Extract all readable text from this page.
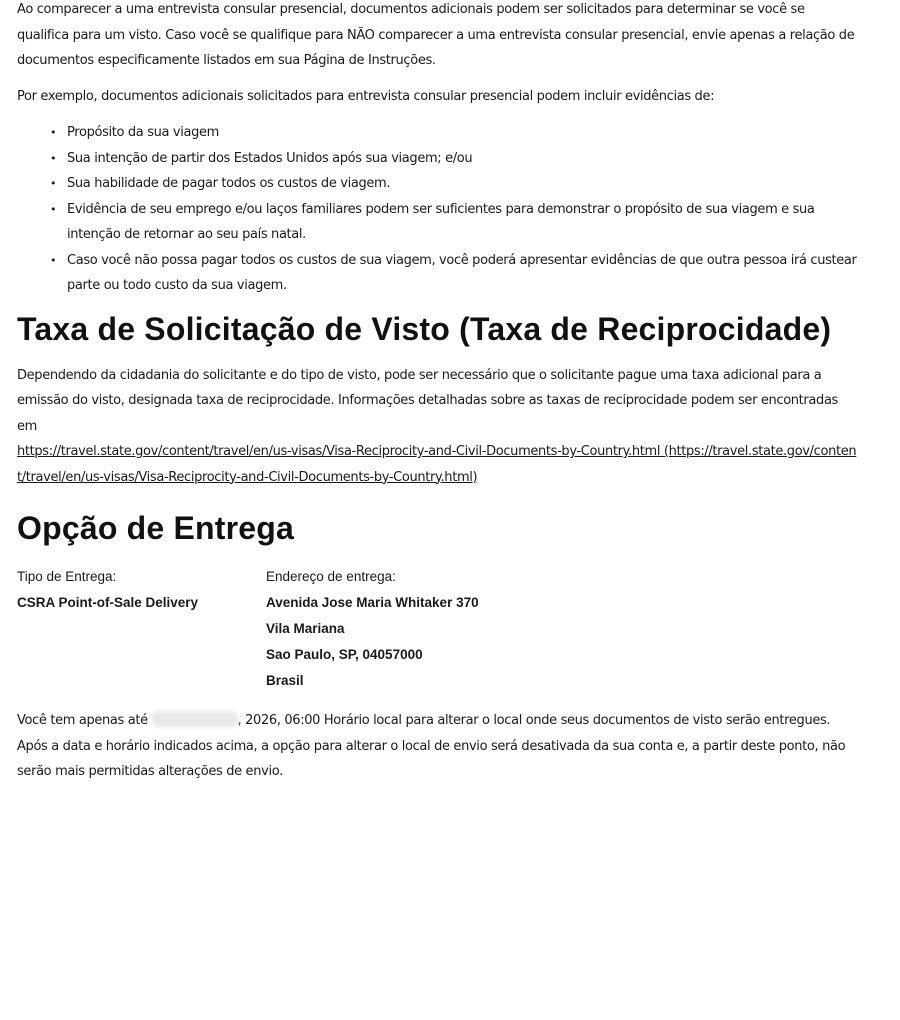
Ao comparecer a uma entrevista consular presencial, documentos adicionais podem ser solicitados para determinar se você se qualifica para um visto. Caso você se qualifique para NÃO comparecer a uma entrevista consular presencial, envie apenas a relação de documentos especificamente listados em sua Página de Instruções.

Por exemplo, documentos adicionais solicitados para entrevista consular presencial podem incluir evidências de:

• Propósito da sua viagem
• Sua intenção de partir dos Estados Unidos após sua viagem; e/ou
• Sua habilidade de pagar todos os custos de viagem.
• Evidência de seu emprego e/ou laços familiares podem ser suficientes para demonstrar o propósito de sua viagem e sua intenção de retornar ao seu país natal.
• Caso você não possa pagar todos os custos de sua viagem, você poderá apresentar evidências de que outra pessoa irá custear parte ou todo custo da sua viagem.
Taxa de Solicitação de Visto (Taxa de Reciprocidade)

Dependendo da cidadania do solicitante e do tipo de visto, pode ser necessário que o solicitante pague uma taxa adicional para a emissão do visto, designada taxa de reciprocidade. Informações detalhadas sobre as taxas de reciprocidade podem ser encontradas em
https://travel.state.gov/content/travel/en/us-visas/Visa-Reciprocity-and-Civil-Documents-by-Country.html (https://travel.state.gov/content/travel/en/us-visas/Visa-Reciprocity-and-Civil-Documents-by-Country.html)

Opção de Entrega
Tipo de Entrega:
CSRA Point-of-Sale Delivery
Endereço de entrega:
Avenida Jose Maria Whitaker 370
Vila Mariana
Sao Paulo, SP, 04057000
Brasil

Você tem apenas até	, 2026, 06:00 Horário local para alterar o local onde seus documentos de visto serão entregues. Após a data e horário indicados acima, a opção para alterar o local de envio será desativada da sua conta e, a partir deste ponto, não serão mais permitidas alterações de envio.
